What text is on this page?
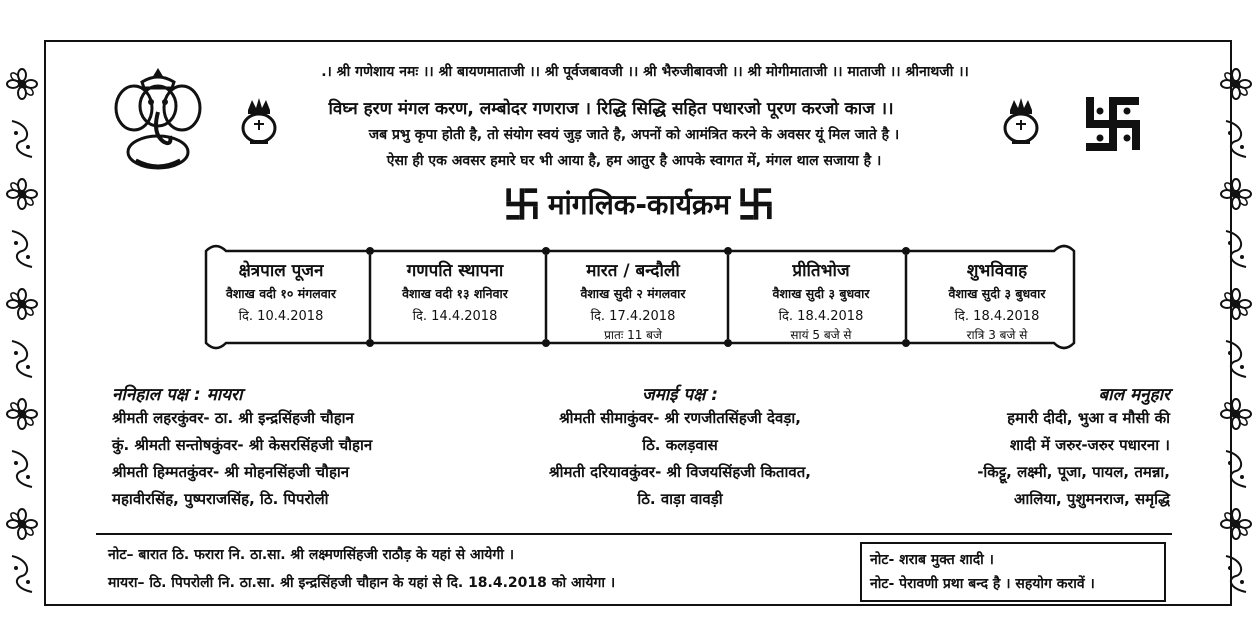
.। श्री गणेशाय नमः ।। श्री बायणमाताजी ।। श्री पूर्वजबावजी ।। श्री भैरुजीबावजी ।। श्री मोगीमाताजी ।। माताजी ।। श्रीनाथजी ।।
विघ्न हरण मंगल करण, लम्बोदर गणराज । रिद्धि सिद्धि सहित पधारजो पूरण करजो काज ।।
जब प्रभु कृपा होती है, तो संयोग स्वयं जुड़ जाते है, अपनों को आमंत्रित करने के अवसर यूं मिल जाते है ।
ऐसा ही एक अवसर हमारे घर भी आया है, हम आतुर है आपके स्वागत में, मंगल थाल सजाया है ।
मांगलिक-कार्यक्रम
क्षेत्रपाल पूजन
वैशाख वदी १० मंगलवार
दि. 10.4.2018
गणपति स्थापना
वैशाख वदी १३ शनिवार
दि. 14.4.2018
मारत / बन्दौली
वैशाख सुदी २ मंगलवार
दि. 17.4.2018
प्रातः 11 बजे
प्रीतिभोज
वैशाख सुदी ३ बुधवार
दि. 18.4.2018
सायं 5 बजे से
शुभविवाह
वैशाख सुदी ३ बुधवार
दि. 18.4.2018
रात्रि 3 बजे से
ननिहाल पक्ष : मायरा
श्रीमती लहरकुंवर- ठा. श्री इन्द्रसिंहजी चौहान
कुं. श्रीमती सन्तोषकुंवर- श्री केसरसिंहजी चौहान
श्रीमती हिम्मतकुंवर- श्री मोहनसिंहजी चौहान
महावीरसिंह, पुष्पराजसिंह, ठि. पिपरोली
जमाई पक्ष :
श्रीमती सीमाकुंवर- श्री रणजीतसिंहजी देवड़ा,
ठि. कलड़वास
श्रीमती दरियावकुंवर- श्री विजयसिंहजी कितावत,
ठि. वाड़ा वावड़ी
बाल मनुहार
हमारी दीदी, भुआ व मौसी की
शादी में जरुर-जरुर पधारना ।
-किट्टू, लक्ष्मी, पूजा, पायल, तमन्ना,
आलिया, पुशुमनराज, समृद्धि
नोट– बारात ठि. फरारा नि. ठा.सा. श्री लक्ष्मणसिंहजी राठौड़ के यहां से आयेगी ।
मायरा– ठि. पिपरोली नि. ठा.सा. श्री इन्द्रसिंहजी चौहान के यहां से दि. 18.4.2018 को आयेगा ।
नोट- शराब मुक्त शादी ।
नोट- पेरावणी प्रथा बन्द है । सहयोग करावें ।
